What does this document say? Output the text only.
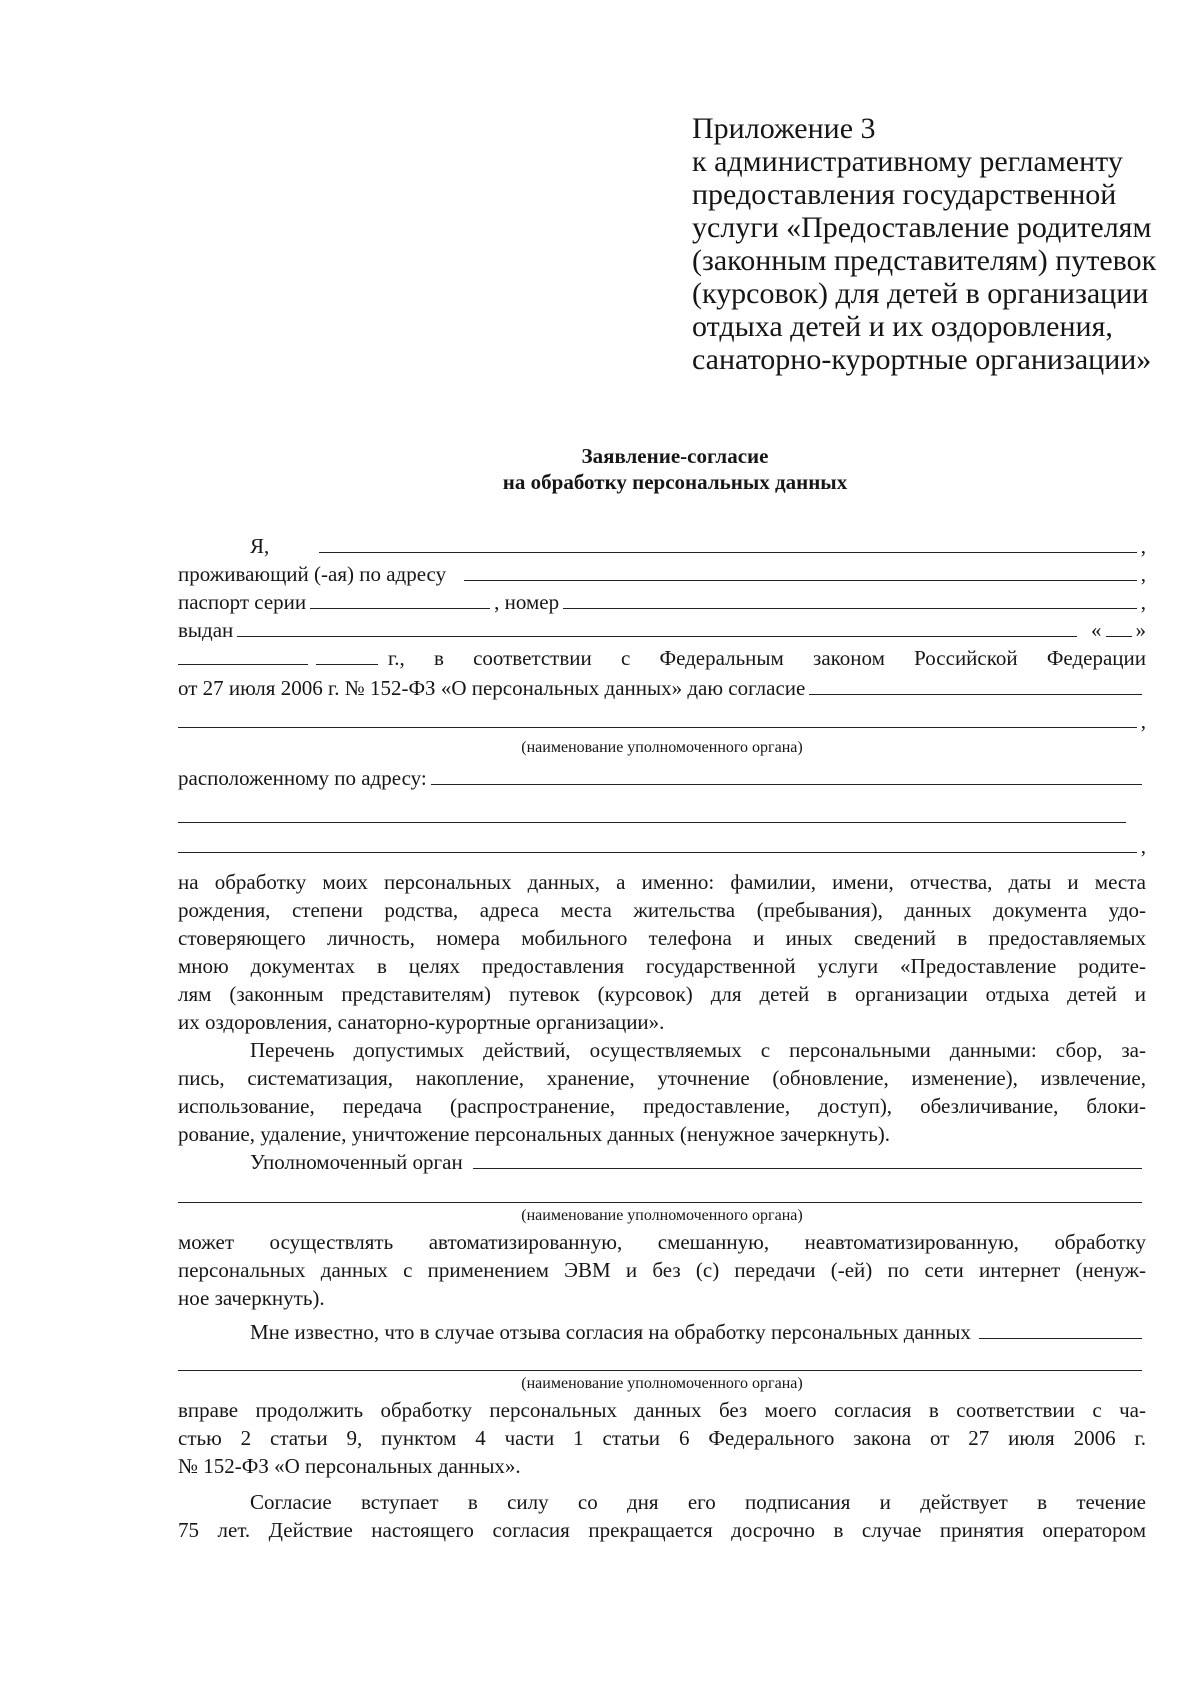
Приложение 3
к административному регламенту
предоставления государственной
услуги «Предоставление родителям
(законным представителям) путевок
(курсовок) для детей в организации
отдыха детей и их оздоровления,
санаторно-курортные организации»
Заявление-согласие
на обработку персональных данных
Я,	,
проживающий (-ая) по адресу	,
паспорт серии	, номер	,
выдан	« »
г., в соответствии с Федеральным законом Российской Федерации
от 27 июля 2006 г. № 152-ФЗ «О персональных данных» даю согласие
,
(наименование уполномоченного органа)
расположенному по адресу:
,
на обработку моих персональных данных, а именно: фамилии, имени, отчества, даты и места
рождения, степени родства, адреса места жительства (пребывания), данных документа удо-
стоверяющего личность, номера мобильного телефона и иных сведений в предоставляемых
мною документах в целях предоставления государственной услуги «Предоставление родите-
лям (законным представителям) путевок (курсовок) для детей в организации отдыха детей и
их оздоровления, санаторно-курортные организации».
Перечень допустимых действий, осуществляемых с персональными данными: сбор, за-
пись, систематизация, накопление, хранение, уточнение (обновление, изменение), извлечение,
использование, передача (распространение, предоставление, доступ), обезличивание, блоки-
рование, удаление, уничтожение персональных данных (ненужное зачеркнуть).
Уполномоченный орган
(наименование уполномоченного органа)
может осуществлять автоматизированную, смешанную, неавтоматизированную, обработку
персональных данных с применением ЭВМ и без (с) передачи (-ей) по сети интернет (ненуж-
ное зачеркнуть).
Мне известно, что в случае отзыва согласия на обработку персональных данных
(наименование уполномоченного органа)
вправе продолжить обработку персональных данных без моего согласия в соответствии с ча-
стью 2 статьи 9, пунктом 4 части 1 статьи 6 Федерального закона от 27 июля 2006 г.
№ 152-ФЗ «О персональных данных».
Согласие вступает в силу со дня его подписания и действует в течение
75 лет. Действие настоящего согласия прекращается досрочно в случае принятия оператором
